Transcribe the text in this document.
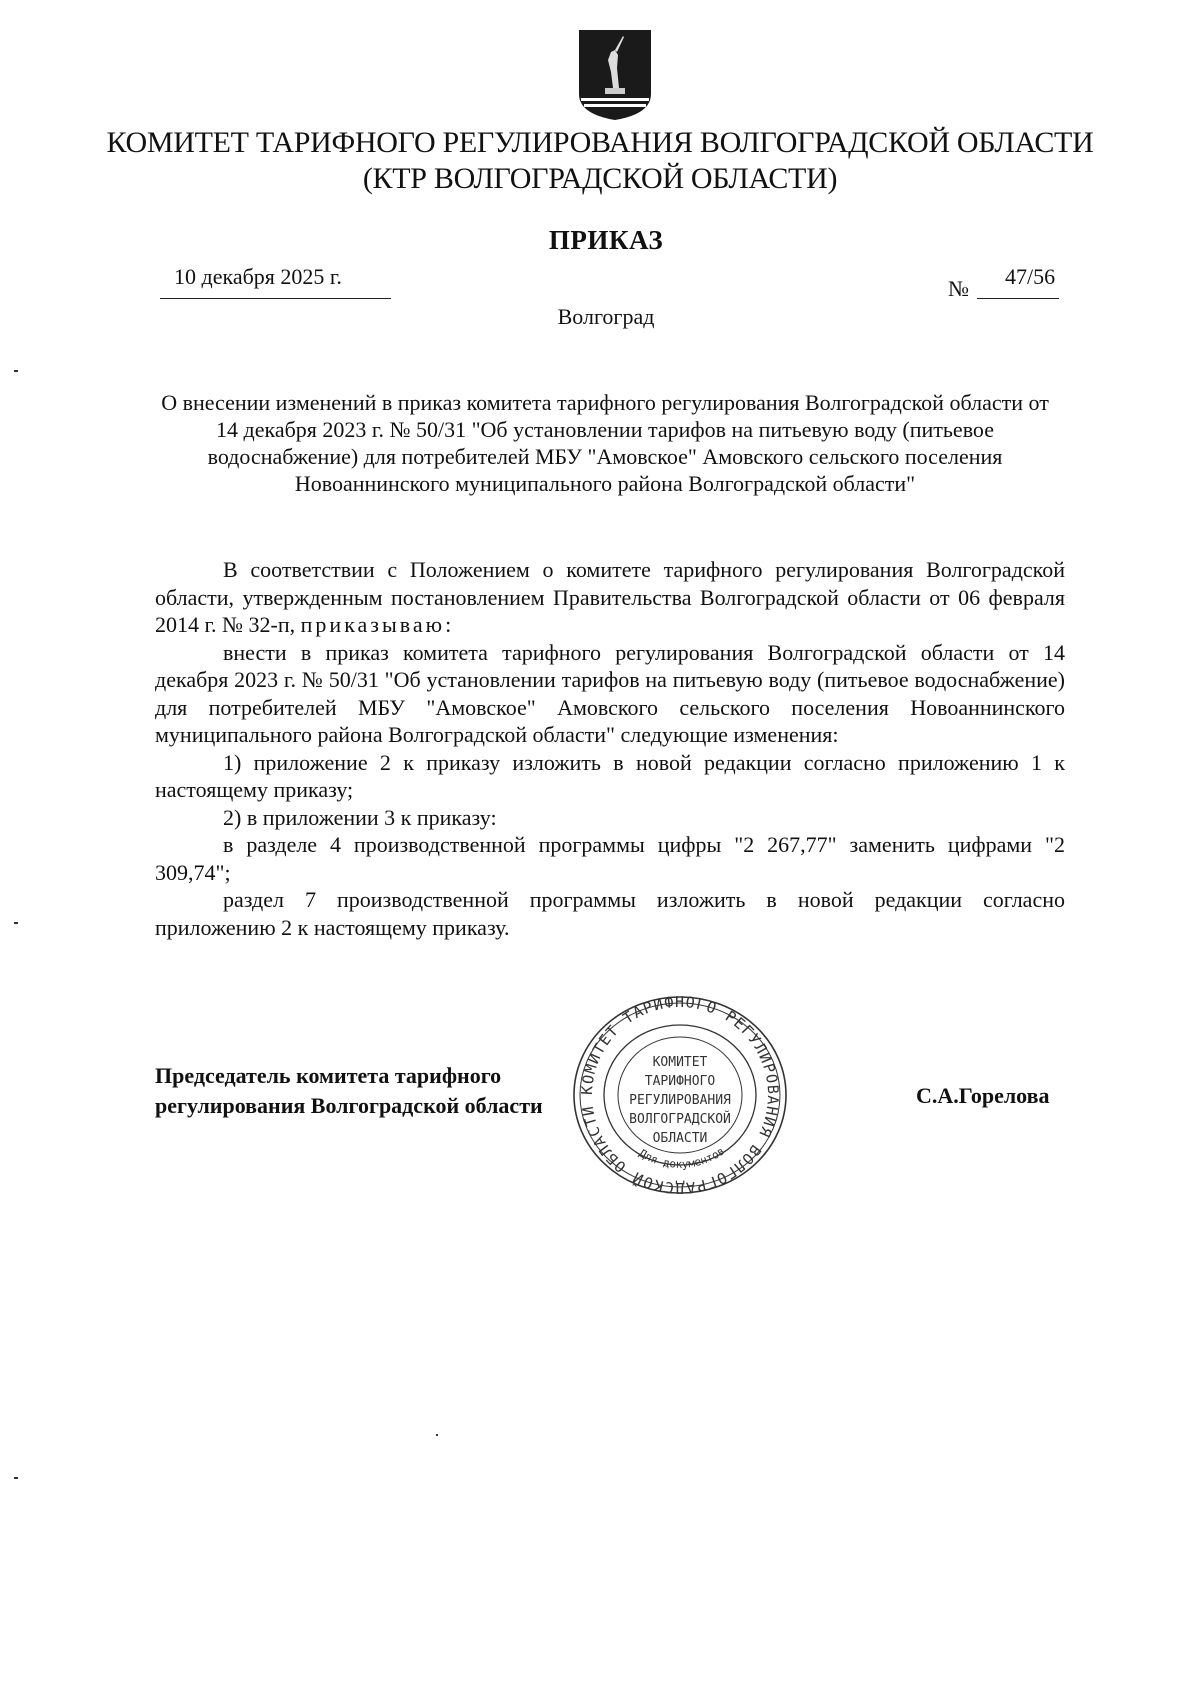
КОМИТЕТ ТАРИФНОГО РЕГУЛИРОВАНИЯ ВОЛГОГРАДСКОЙ ОБЛАСТИ
(КТР ВОЛГОГРАДСКОЙ ОБЛАСТИ)
ПРИКАЗ
10 декабря 2025 г.	№ 47/56
Волгоград
О внесении изменений в приказ комитета тарифного регулирования Волгоградской области от 14 декабря 2023 г. № 50/31 "Об установлении тарифов на питьевую воду (питьевое водоснабжение) для потребителей МБУ "Амовское" Амовского сельского поселения Новоаннинского муниципального района Волгоградской области"

В соответствии с Положением о комитете тарифного регулирования Волгоградской области, утвержденным постановлением Правительства Волгоградской области от 06 февраля 2014 г. № 32-п, приказываю:

внести в приказ комитета тарифного регулирования Волгоградской области от 14 декабря 2023 г. № 50/31 "Об установлении тарифов на питьевую воду (питьевое водоснабжение) для потребителей МБУ "Амовское" Амовского сельского поселения Новоаннинского муниципального района Волгоградской области" следующие изменения:

1) приложение 2 к приказу изложить в новой редакции согласно приложению 1 к настоящему приказу;

2) в приложении 3 к приказу:

в разделе 4 производственной программы цифры "2 267,77" заменить цифрами "2 309,74";

раздел 7 производственной программы изложить в новой редакции согласно приложению 2 к настоящему приказу.

Председатель комитета тарифного
регулирования Волгоградской области	С.А.Горелова
КОМИТЕТ ТАРИФНОГО РЕГУЛИРОВАНИЯ ВОЛГОГРАДСКОЙ ОБЛАСТИ
Для документов
КОМИТЕТ
ТАРИФНОГО
РЕГУЛИРОВАНИЯ
ВОЛГОГРАДСКОЙ
ОБЛАСТИ
